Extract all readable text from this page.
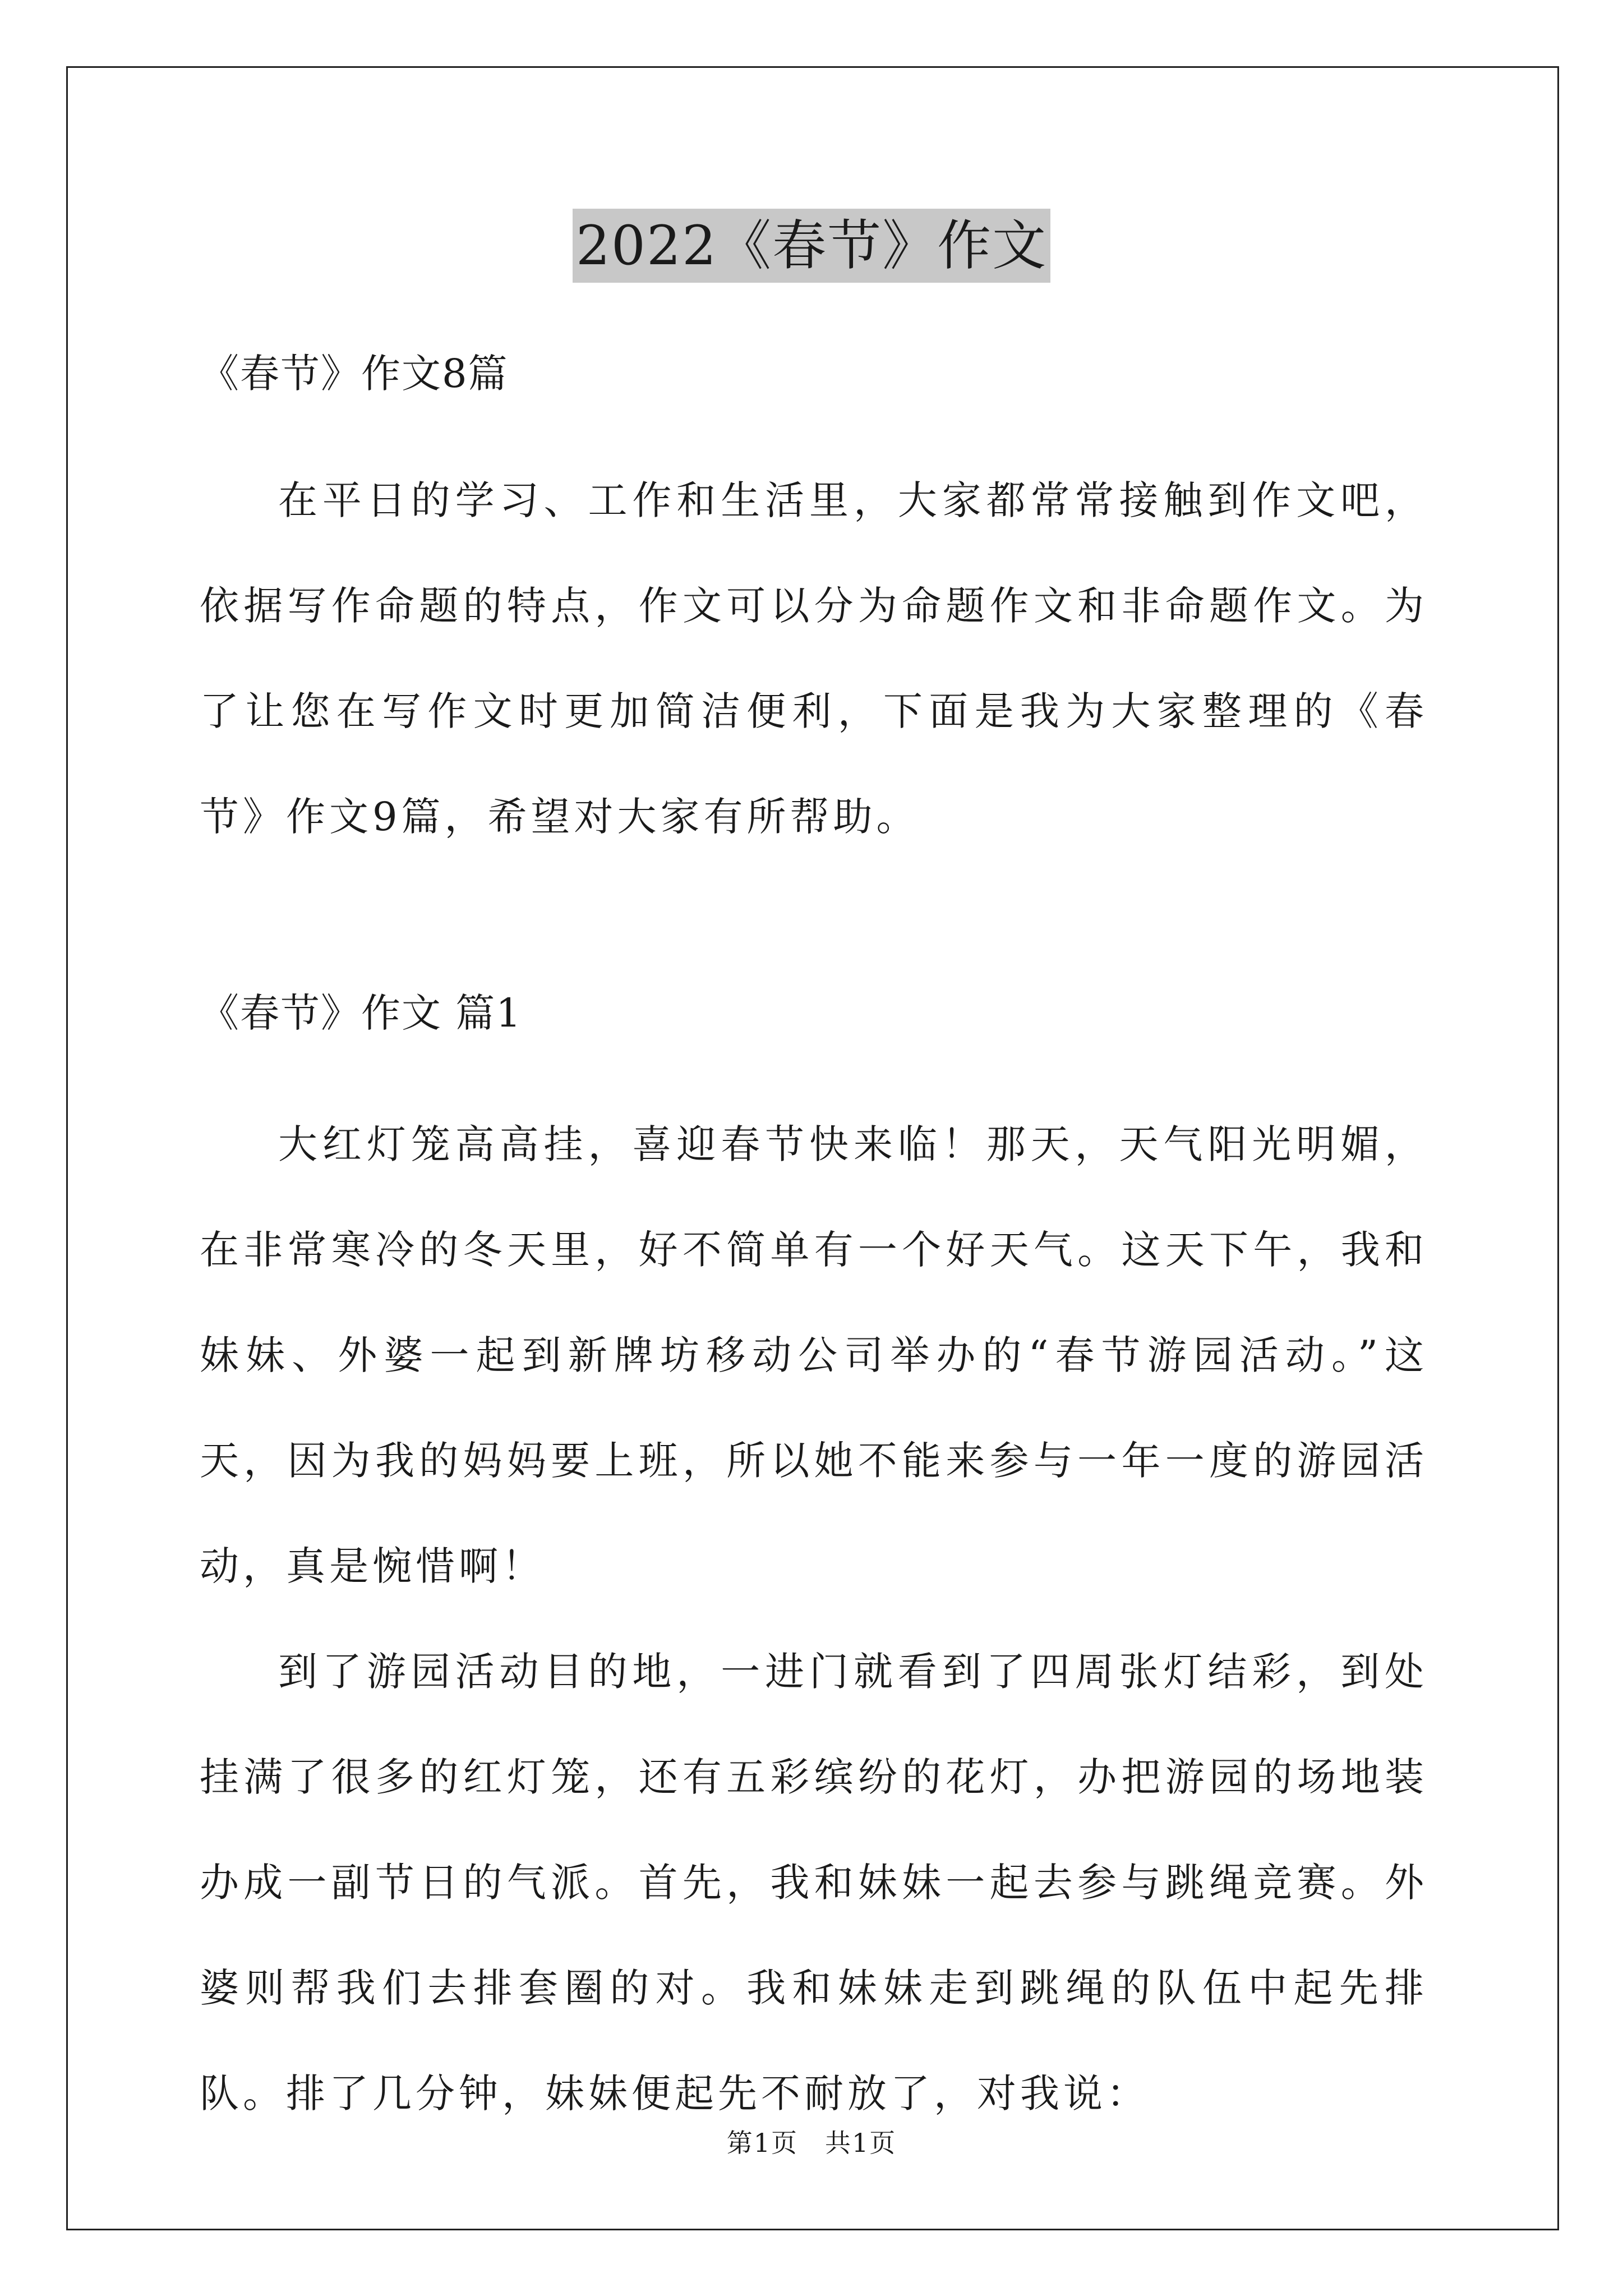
2022《春节》作文

《春节》作文8篇

在平日的学习、工作和生活里，大家都常常接触到作文吧，依据写作命题的特点，作文可以分为命题作文和非命题作文。为了让您在写作文时更加简洁便利，下面是我为大家整理的《春节》作文9篇，希望对大家有所帮助。

《春节》作文 篇1

大红灯笼高高挂，喜迎春节快来临！那天，天气阳光明媚，在非常寒冷的冬天里，好不简单有一个好天气。这天下午，我和妹妹、外婆一起到新牌坊移动公司举办的“春节游园活动。”这天，因为我的妈妈要上班，所以她不能来参与一年一度的游园活动，真是惋惜啊！

到了游园活动目的地，一进门就看到了四周张灯结彩，到处挂满了很多的红灯笼，还有五彩缤纷的花灯，办把游园的场地装办成一副节日的气派。首先，我和妹妹一起去参与跳绳竞赛。外婆则帮我们去排套圈的对。我和妹妹走到跳绳的队伍中起先排队。排了几分钟，妹妹便起先不耐放了，对我说：

第1页　共1页
